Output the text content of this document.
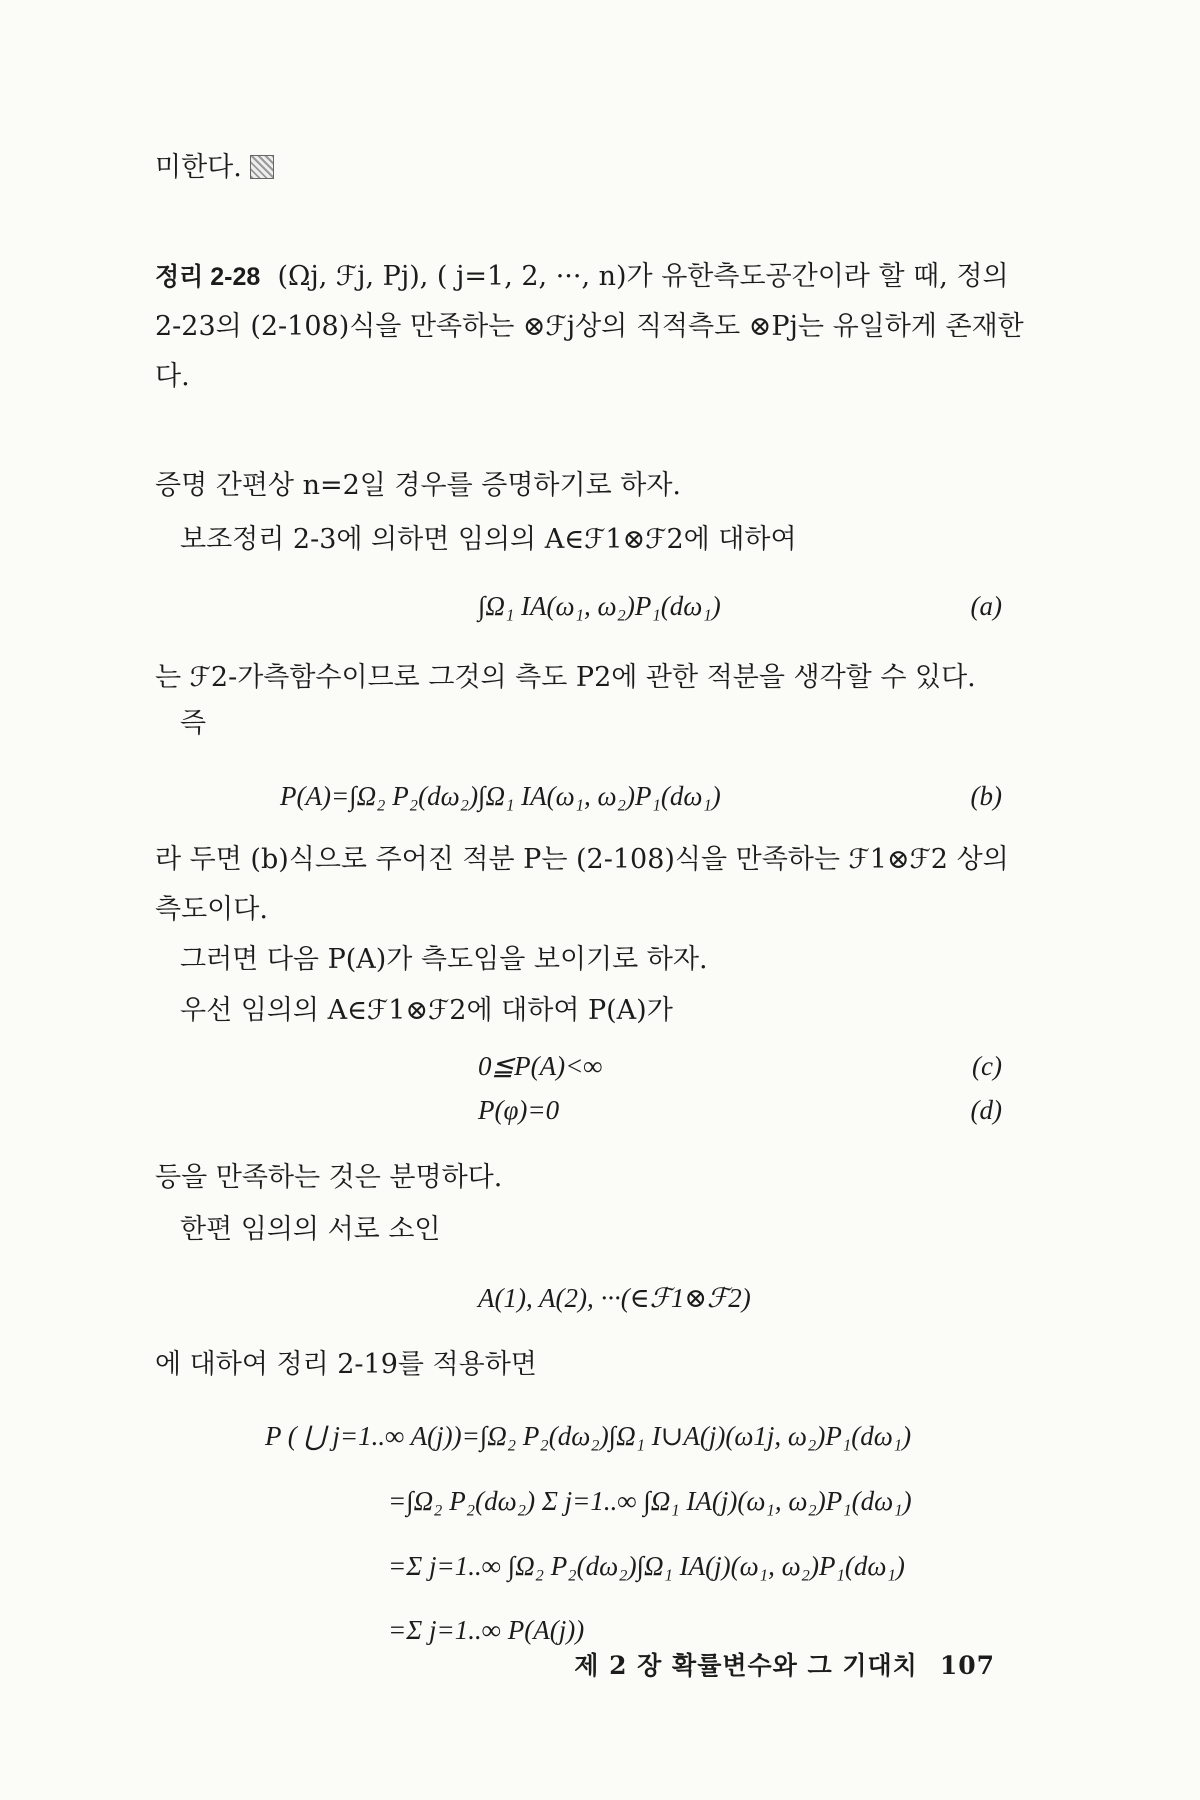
미한다.
정리 2-28 (Ωj, ℱj, Pj), ( j=1, 2, ···, n)가 유한측도공간이라 할 때, 정의 2-23의 (2-108)식을 만족하는 ⊗ℱj상의 직적측도 ⊗Pj는 유일하게 존재한다.
증명 간편상 n=2일 경우를 증명하기로 하자.
보조정리 2-3에 의하면 임의의 A∈ℱ1⊗ℱ2에 대하여
∫Ω₁ IA(ω₁, ω₂)P₁(dω₁)	(a)
는 ℱ2-가측함수이므로 그것의 측도 P2에 관한 적분을 생각할 수 있다.
즉
P(A)=∫Ω₂ P₂(dω₂)∫Ω₁ IA(ω₁, ω₂)P₁(dω₁)	(b)
라 두면 (b)식으로 주어진 적분 P는 (2-108)식을 만족하는 ℱ1⊗ℱ2 상의 측도이다.
그러면 다음 P(A)가 측도임을 보이기로 하자.
우선 임의의 A∈ℱ1⊗ℱ2에 대하여 P(A)가
0≦P(A)<∞	(c)
P(φ)=0	(d)
등을 만족하는 것은 분명하다.
한편 임의의 서로 소인
A(1), A(2), ···(∈ℱ1⊗ℱ2)
에 대하여 정리 2-19를 적용하면
P ( ⋃ j=1..∞ A(j))=∫Ω₂ P₂(dω₂)∫Ω₁ I∪A(j)(ω1j, ω₂)P₁(dω₁)
=∫Ω₂ P₂(dω₂) Σ j=1..∞ ∫Ω₁ IA(j)(ω₁, ω₂)P₁(dω₁)
=Σ j=1..∞ ∫Ω₂ P₂(dω₂)∫Ω₁ IA(j)(ω₁, ω₂)P₁(dω₁)
=Σ j=1..∞ P(A(j))
제 2 장 확률변수와 그 기대치 107
